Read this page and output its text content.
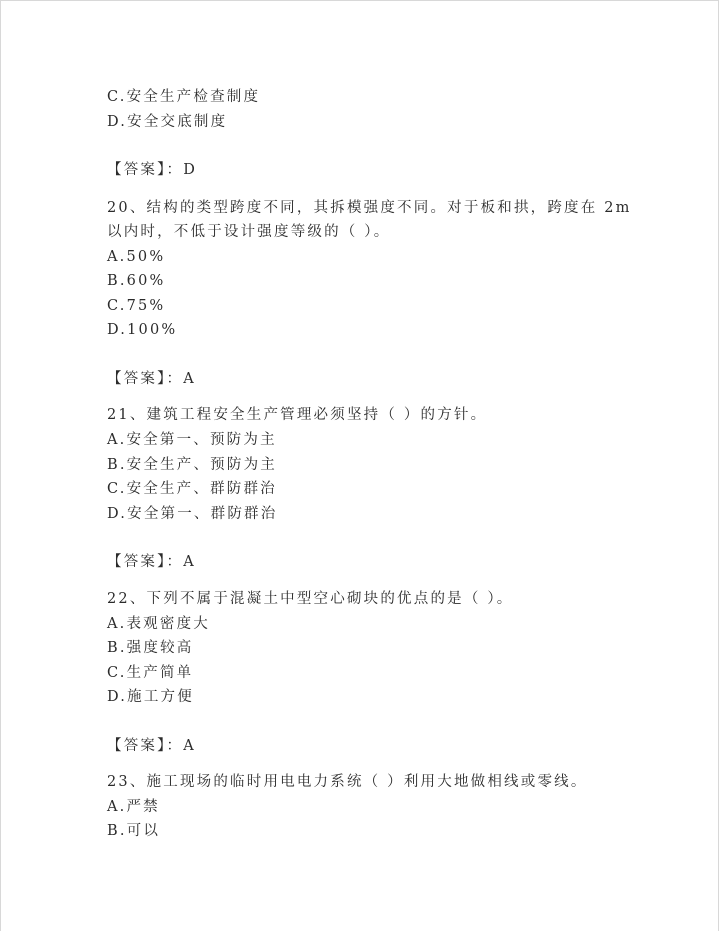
C.安全生产检查制度
D.安全交底制度
【答案】：D
20、结构的类型跨度不同，其拆模强度不同。对于板和拱，跨度在 2m
以内时，不低于设计强度等级的（ ）。
A.50%
B.60%
C.75%
D.100%
【答案】：A
21、建筑工程安全生产管理必须坚持（ ）的方针。
A.安全第一、预防为主
B.安全生产、预防为主
C.安全生产、群防群治
D.安全第一、群防群治
【答案】：A
22、下列不属于混凝土中型空心砌块的优点的是（ ）。
A.表观密度大
B.强度较高
C.生产简单
D.施工方便
【答案】：A
23、施工现场的临时用电电力系统（ ）利用大地做相线或零线。
A.严禁
B.可以
